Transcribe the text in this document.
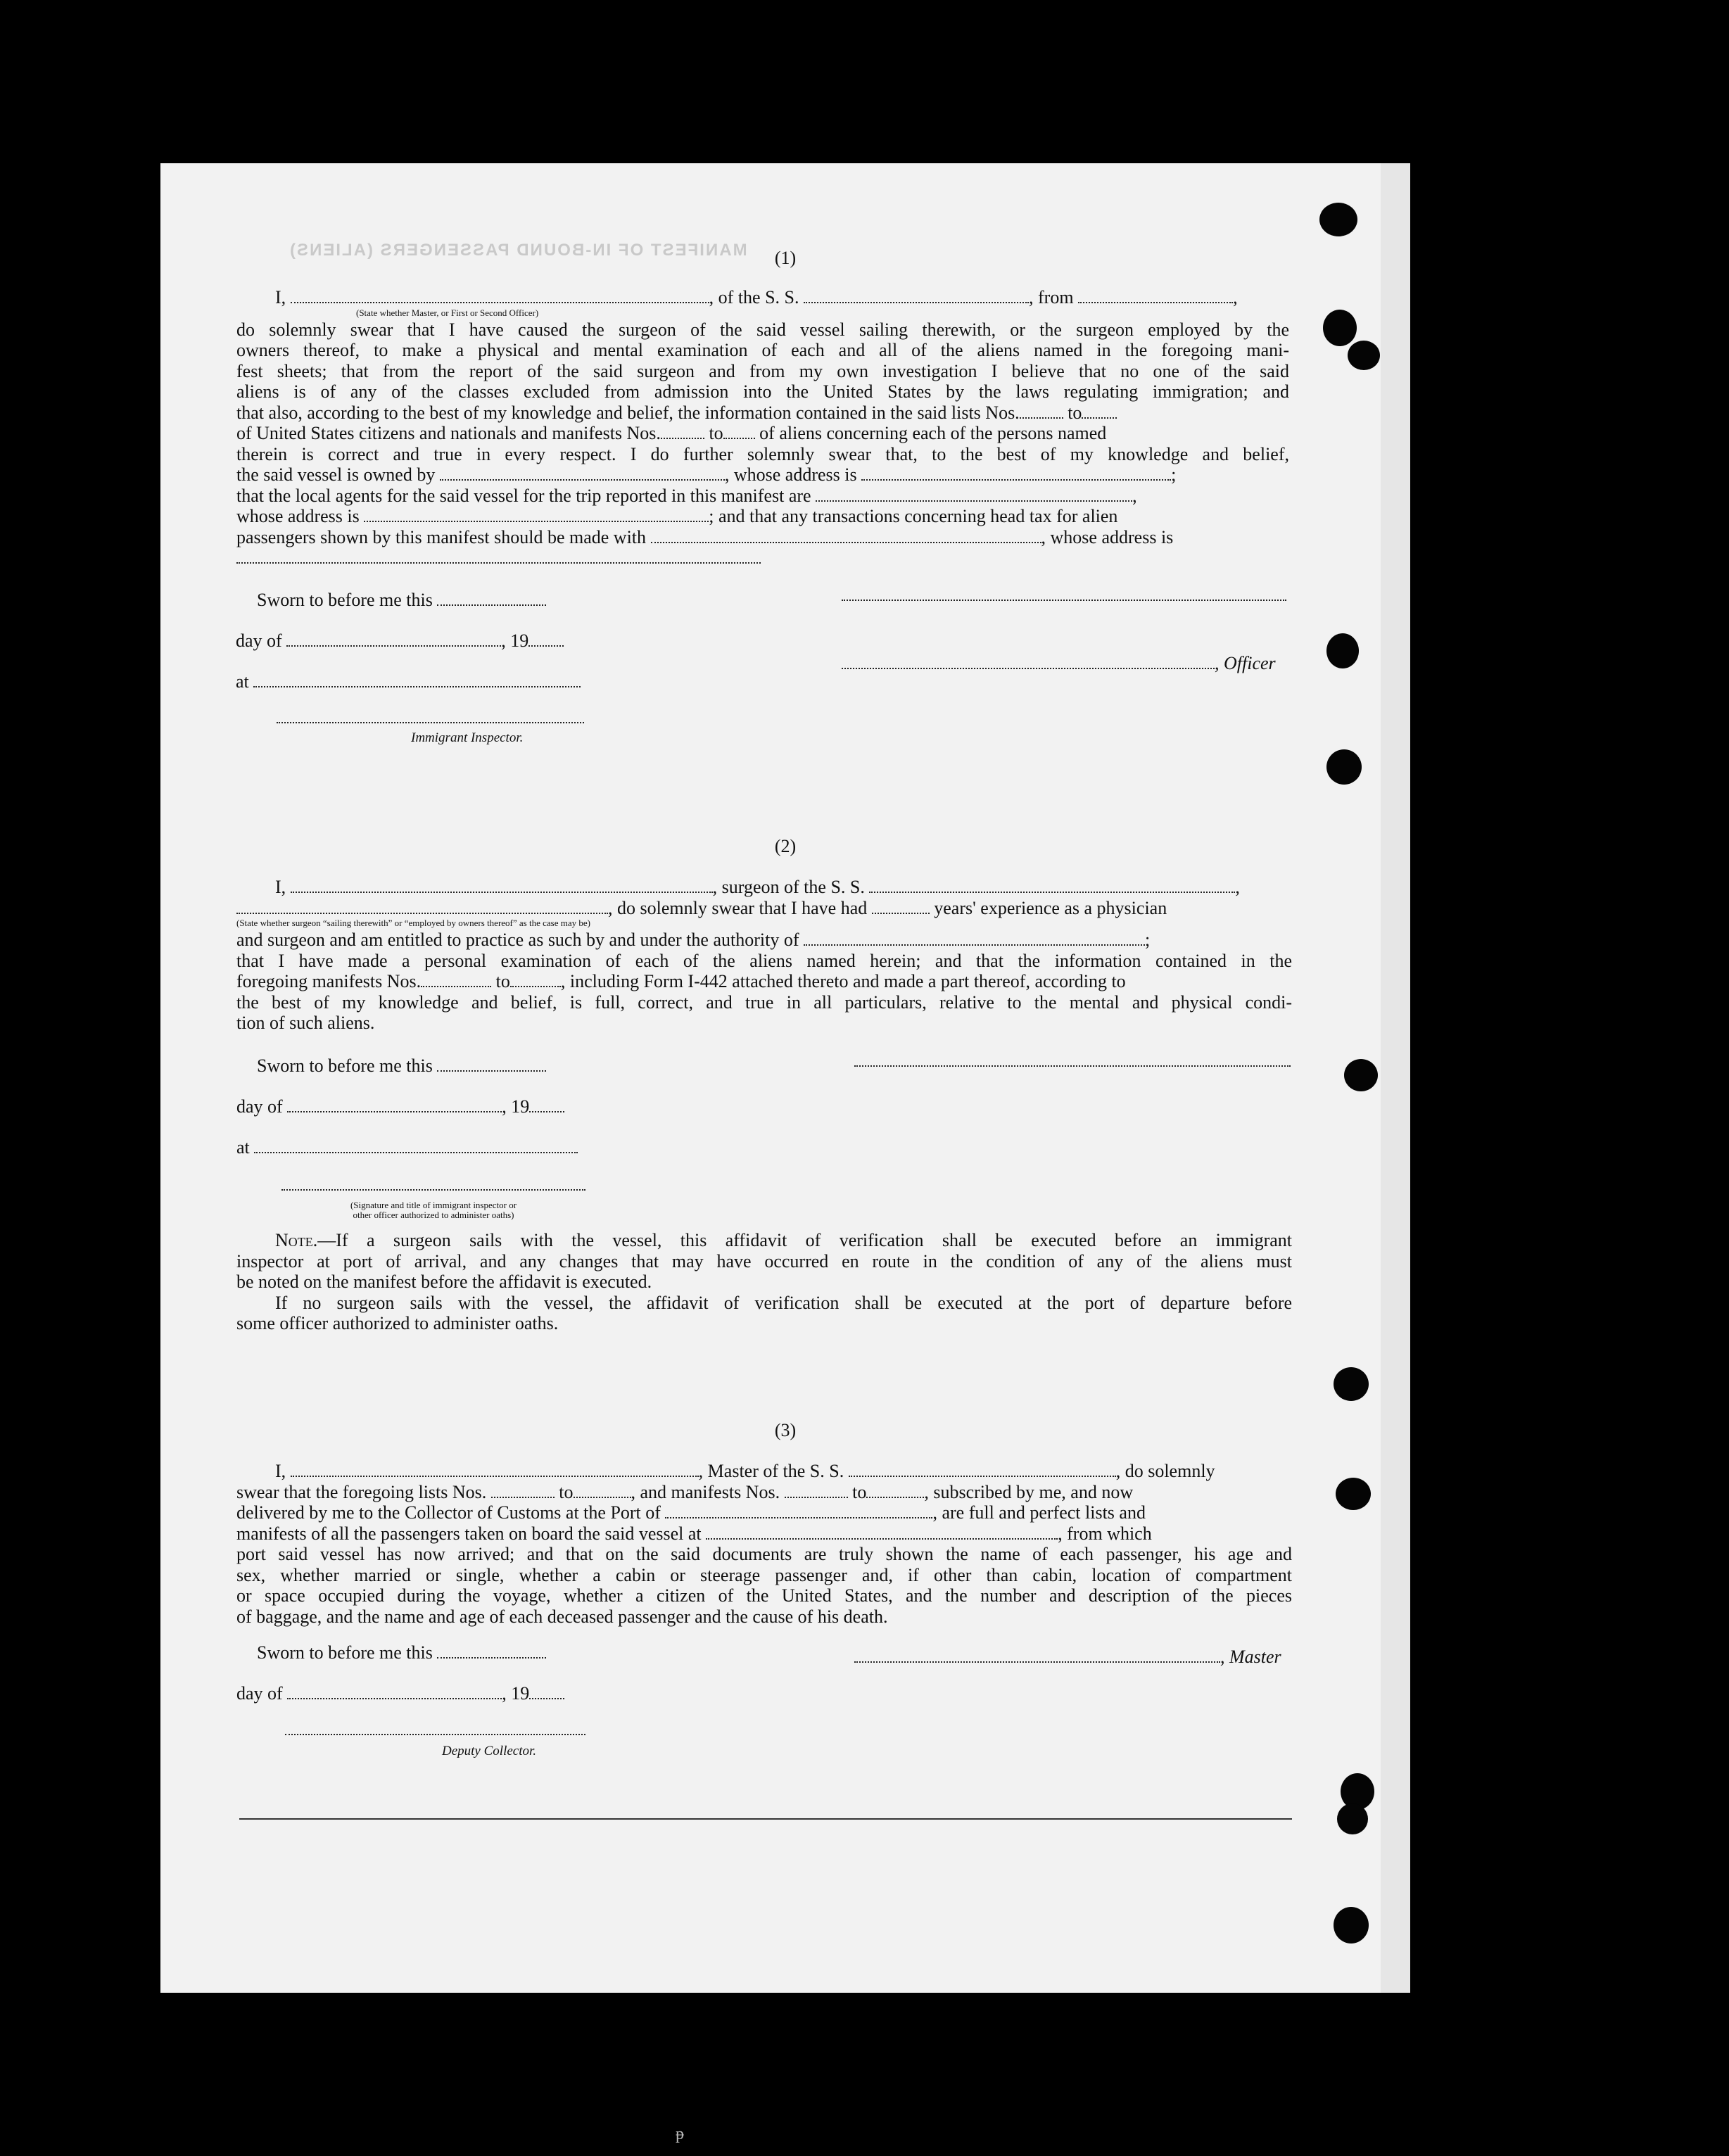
MANIFEST OF IN-BOUND PASSENGERS (ALIENS)	(1)
I,	, of the S. S.	, from	,
(State whether Master, or First or Second Officer)
do solemnly swear that I have caused the surgeon of the said vessel sailing therewith, or the surgeon employed by the
owners thereof, to make a physical and mental examination of each and all of the aliens named in the foregoing mani-
fest sheets; that from the report of the said surgeon and from my own investigation I believe that no one of the said
aliens is of any of the classes excluded from admission into the United States by the laws regulating immigration; and
that also, according to the best of my knowledge and belief, the information contained in the said lists Nos.	to
of United States citizens and nationals and manifests Nos.	to of aliens concerning each of the persons named
therein is correct and true in every respect. I do further solemnly swear that, to the best of my knowledge and belief,
the said vessel is owned by	, whose address is	;
that the local agents for the said vessel for the trip reported in this manifest are	,
whose address is	; and that any transactions concerning head tax for alien
passengers shown by this manifest should be made with	, whose address is
Sworn to before me this
day of	, 19
at
Immigrant Inspector.
, Officer
(2)
I,	, surgeon of the S. S.	,
, do solemnly swear that I have had	years' experience as a physician
(State whether surgeon “sailing therewith” or “employed by owners thereof” as the case may be)
and surgeon and am entitled to practice as such by and under the authority of	;
that I have made a personal examination of each of the aliens named herein; and that the information contained in the
foregoing manifests Nos.	to	, including Form I-442 attached thereto and made a part thereof, according to
the best of my knowledge and belief, is full, correct, and true in all particulars, relative to the mental and physical condi-
tion of such aliens.
Sworn to before me this
day of	, 19
at
(Signature and title of immigrant inspector or
other officer authorized to administer oaths)
Note.—If a surgeon sails with the vessel, this affidavit of verification shall be executed before an immigrant
inspector at port of arrival, and any changes that may have occurred en route in the condition of any of the aliens must
be noted on the manifest before the affidavit is executed.
If no surgeon sails with the vessel, the affidavit of verification shall be executed at the port of departure before
some officer authorized to administer oaths.
(3)
I,	, Master of the S. S.	, do solemnly
swear that the foregoing lists Nos.	to	, and manifests Nos.	to	, subscribed by me, and now
delivered by me to the Collector of Customs at the Port of	, are full and perfect lists and
manifests of all the passengers taken on board the said vessel at	, from which
port said vessel has now arrived; and that on the said documents are truly shown the name of each passenger, his age and
sex, whether married or single, whether a cabin or steerage passenger and, if other than cabin, location of compartment
or space occupied during the voyage, whether a citizen of the United States, and the number and description of the pieces
of baggage, and the name and age of each deceased passenger and the cause of his death.
Sworn to before me this
day of	, 19
Deputy Collector.
, Master
ᵽ
